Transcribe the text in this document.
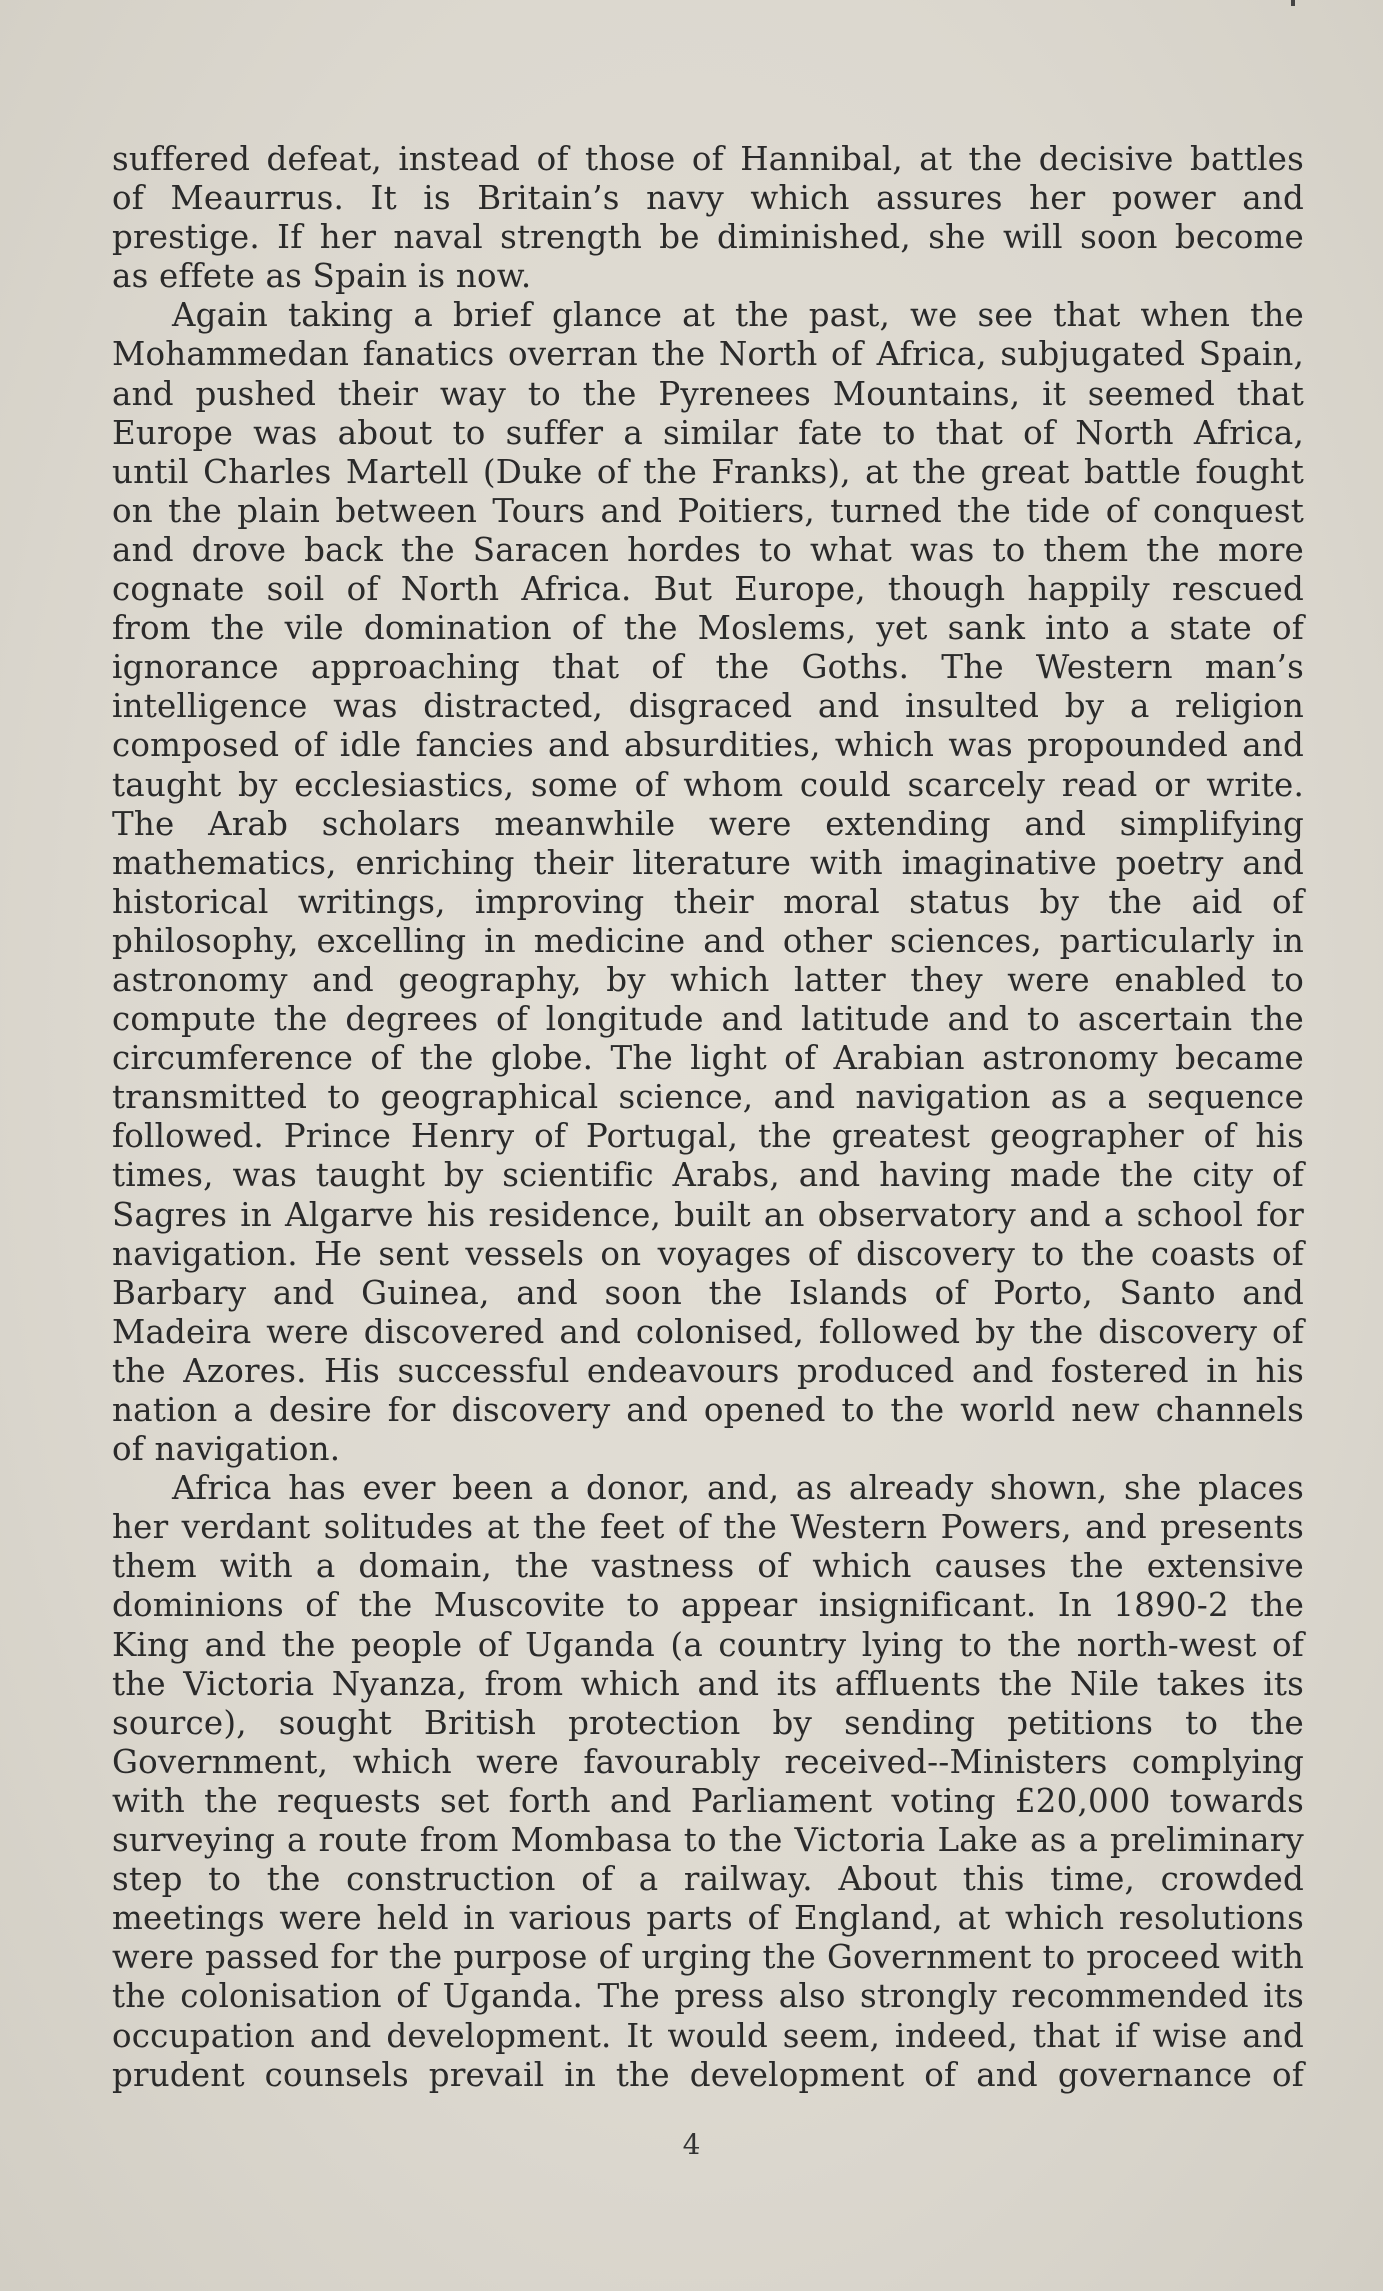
suffered defeat, instead of those of Hannibal, at the decisive battles
of Meaurrus. It is Britain’s navy which assures her power and
prestige. If her naval strength be diminished, she will soon become
as effete as Spain is now.
Again taking a brief glance at the past, we see that when the
Mohammedan fanatics overran the North of Africa, subjugated Spain,
and pushed their way to the Pyrenees Mountains, it seemed that
Europe was about to suffer a similar fate to that of North Africa,
until Charles Martell (Duke of the Franks), at the great battle fought
on the plain between Tours and Poitiers, turned the tide of conquest
and drove back the Saracen hordes to what was to them the more
cognate soil of North Africa. But Europe, though happily rescued
from the vile domination of the Moslems, yet sank into a state of
ignorance approaching that of the Goths. The Western man’s
intelligence was distracted, disgraced and insulted by a religion
composed of idle fancies and absurdities, which was propounded and
taught by ecclesiastics, some of whom could scarcely read or write.
The Arab scholars meanwhile were extending and simplifying
mathematics, enriching their literature with imaginative poetry and
historical writings, improving their moral status by the aid of
philosophy, excelling in medicine and other sciences, particularly in
astronomy and geography, by which latter they were enabled to
compute the degrees of longitude and latitude and to ascertain the
circumference of the globe. The light of Arabian astronomy became
transmitted to geographical science, and navigation as a sequence
followed. Prince Henry of Portugal, the greatest geographer of his
times, was taught by scientific Arabs, and having made the city of
Sagres in Algarve his residence, built an observatory and a school for
navigation. He sent vessels on voyages of discovery to the coasts of
Barbary and Guinea, and soon the Islands of Porto, Santo and
Madeira were discovered and colonised, followed by the discovery of
the Azores. His successful endeavours produced and fostered in his
nation a desire for discovery and opened to the world new channels
of navigation.
Africa has ever been a donor, and, as already shown, she places
her verdant solitudes at the feet of the Western Powers, and presents
them with a domain, the vastness of which causes the extensive
dominions of the Muscovite to appear insignificant. In 1890-2 the
King and the people of Uganda (a country lying to the north-west of
the Victoria Nyanza, from which and its affluents the Nile takes its
source), sought British protection by sending petitions to the
Government, which were favourably received--Ministers complying
with the requests set forth and Parliament voting £20,000 towards
surveying a route from Mombasa to the Victoria Lake as a preliminary
step to the construction of a railway. About this time, crowded
meetings were held in various parts of England, at which resolutions
were passed for the purpose of urging the Government to proceed with
the colonisation of Uganda. The press also strongly recommended its
occupation and development. It would seem, indeed, that if wise and
prudent counsels prevail in the development of and governance of
4
